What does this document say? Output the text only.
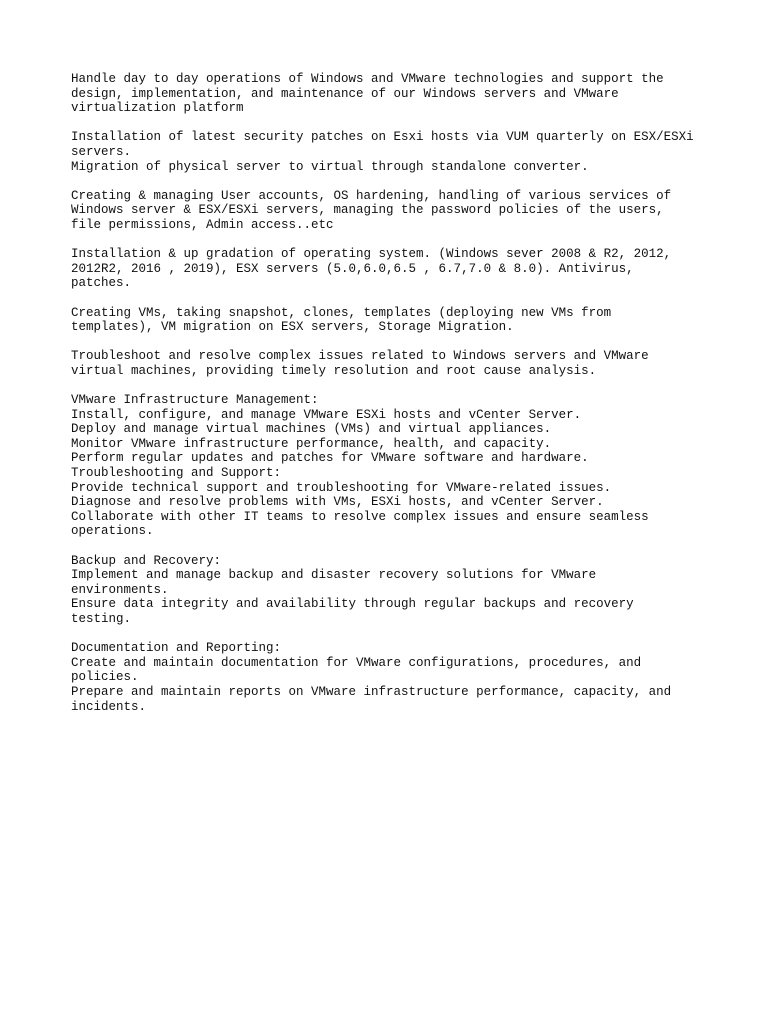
Handle day to day operations of Windows and VMware technologies and support the
design, implementation, and maintenance of our Windows servers and VMware
virtualization platform
Installation of latest security patches on Esxi hosts via VUM quarterly on ESX/ESXi
servers.
Migration of physical server to virtual through standalone converter.
Creating & managing User accounts, OS hardening, handling of various services of
Windows server & ESX/ESXi servers, managing the password policies of the users,
file permissions, Admin access..etc
Installation & up gradation of operating system. (Windows sever 2008 & R2, 2012,
2012R2, 2016 , 2019), ESX servers (5.0,6.0,6.5 , 6.7,7.0 & 8.0). Antivirus,
patches.
Creating VMs, taking snapshot, clones, templates (deploying new VMs from
templates), VM migration on ESX servers, Storage Migration.
Troubleshoot and resolve complex issues related to Windows servers and VMware
virtual machines, providing timely resolution and root cause analysis.
VMware Infrastructure Management:
Install, configure, and manage VMware ESXi hosts and vCenter Server.
Deploy and manage virtual machines (VMs) and virtual appliances.
Monitor VMware infrastructure performance, health, and capacity.
Perform regular updates and patches for VMware software and hardware.
Troubleshooting and Support:
Provide technical support and troubleshooting for VMware-related issues.
Diagnose and resolve problems with VMs, ESXi hosts, and vCenter Server.
Collaborate with other IT teams to resolve complex issues and ensure seamless
operations.
Backup and Recovery:
Implement and manage backup and disaster recovery solutions for VMware
environments.
Ensure data integrity and availability through regular backups and recovery
testing.
Documentation and Reporting:
Create and maintain documentation for VMware configurations, procedures, and
policies.
Prepare and maintain reports on VMware infrastructure performance, capacity, and
incidents.
